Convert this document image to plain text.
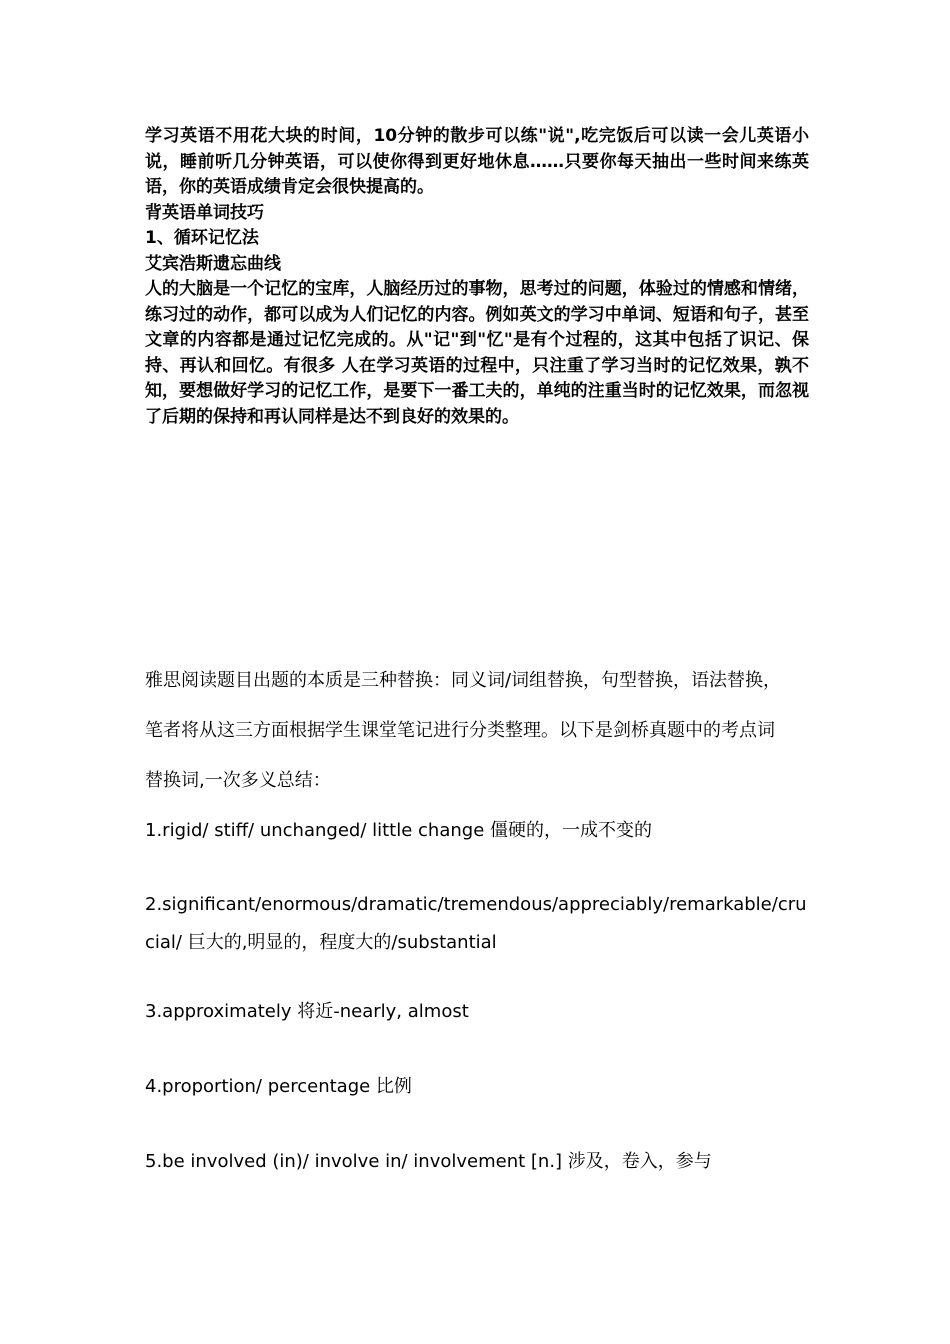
学习英语不用花大块的时间，10分钟的散步可以练"说",吃完饭后可以读一会儿英语小说，睡前听几分钟英语，可以使你得到更好地休息……只要你每天抽出一些时间来练英语，你的英语成绩肯定会很快提高的。

背英语单词技巧

1、循环记忆法

艾宾浩斯遗忘曲线

人的大脑是一个记忆的宝库，人脑经历过的事物，思考过的问题，体验过的情感和情绪，练习过的动作，都可以成为人们记忆的内容。例如英文的学习中单词、短语和句子，甚至文章的内容都是通过记忆完成的。从"记"到"忆"是有个过程的，这其中包括了识记、保持、再认和回忆。有很多 人在学习英语的过程中，只注重了学习当时的记忆效果，孰不知，要想做好学习的记忆工作，是要下一番工夫的，单纯的注重当时的记忆效果，而忽视了后期的保持和再认同样是达不到良好的效果的。

雅思阅读题目出题的本质是三种替换：同义词/词组替换，句型替换，语法替换，

笔者将从这三方面根据学生课堂笔记进行分类整理。以下是剑桥真题中的考点词

替换词,一次多义总结：

1.rigid/ stiff/ unchanged/ little change 僵硬的，一成不变的

2.significant/enormous/dramatic/tremendous/appreciably/remarkable/crucial/ 巨大的,明显的，程度大的/substantial

3.approximately 将近-nearly, almost

4.proportion/ percentage 比例

5.be involved (in)/ involve in/ involvement [n.] 涉及，卷入，参与
